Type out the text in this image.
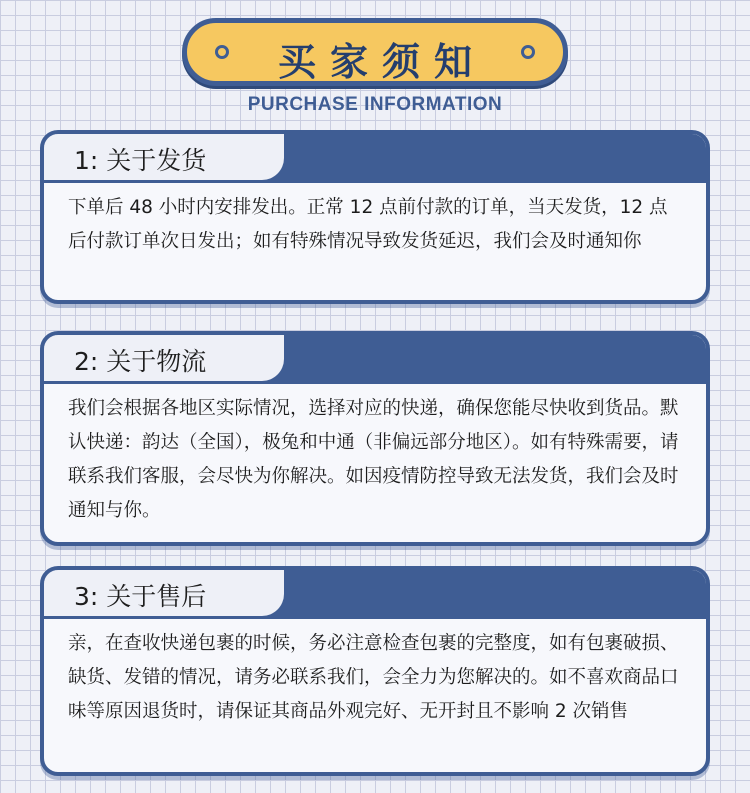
买家须知
PURCHASE INFORMATION
1: 关于发货
下单后 48 小时内安排发出。正常 12 点前付款的订单，当天发货，12 点后付款订单次日发出；如有特殊情况导致发货延迟，我们会及时通知你
2: 关于物流
我们会根据各地区实际情况，选择对应的快递，确保您能尽快收到货品。默认快递：韵达（全国），极兔和中通（非偏远部分地区）。如有特殊需要，请联系我们客服，会尽快为你解决。如因疫情防控导致无法发货，我们会及时通知与你。
3: 关于售后
亲，在查收快递包裹的时候，务必注意检查包裹的完整度，如有包裹破损、缺货、发错的情况，请务必联系我们，会全力为您解决的。如不喜欢商品口味等原因退货时，请保证其商品外观完好、无开封且不影响 2 次销售
